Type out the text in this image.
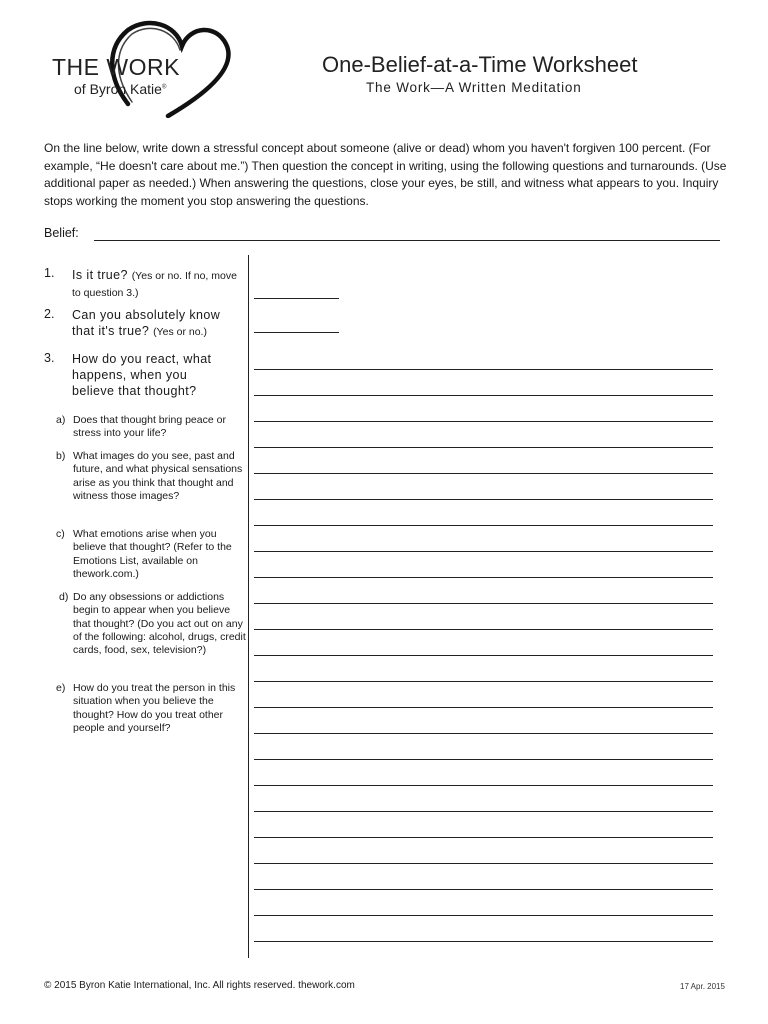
THE WORK
of Byron Katie®
One-Belief-at-a-Time Worksheet
The Work—A Written Meditation
On the line below, write down a stressful concept about someone (alive or dead) whom you haven't forgiven 100 percent. (For example, “He doesn't care about me.”) Then question the concept in writing, using the following questions and turnarounds. (Use additional paper as needed.) When answering the questions, close your eyes, be still, and witness what appears to you. Inquiry stops working the moment you stop answering the questions.
Belief:
1. Is it true? (Yes or no. If no, move to question 3.)
2. Can you absolutely know that it's true? (Yes or no.)
3. How do you react, what happens, when you believe that thought?
a) Does that thought bring peace or stress into your life?
b) What images do you see, past and future, and what physical sensations arise as you think that thought and witness those images?
c) What emotions arise when you believe that thought? (Refer to the Emotions List, available on thework.com.)
d) Do any obsessions or addictions begin to appear when you believe that thought? (Do you act out on any of the following: alcohol, drugs, credit cards, food, sex, television?)
e) How do you treat the person in this situation when you believe the thought? How do you treat other people and yourself?
© 2015 Byron Katie International, Inc. All rights reserved. thework.com	17 Apr. 2015
